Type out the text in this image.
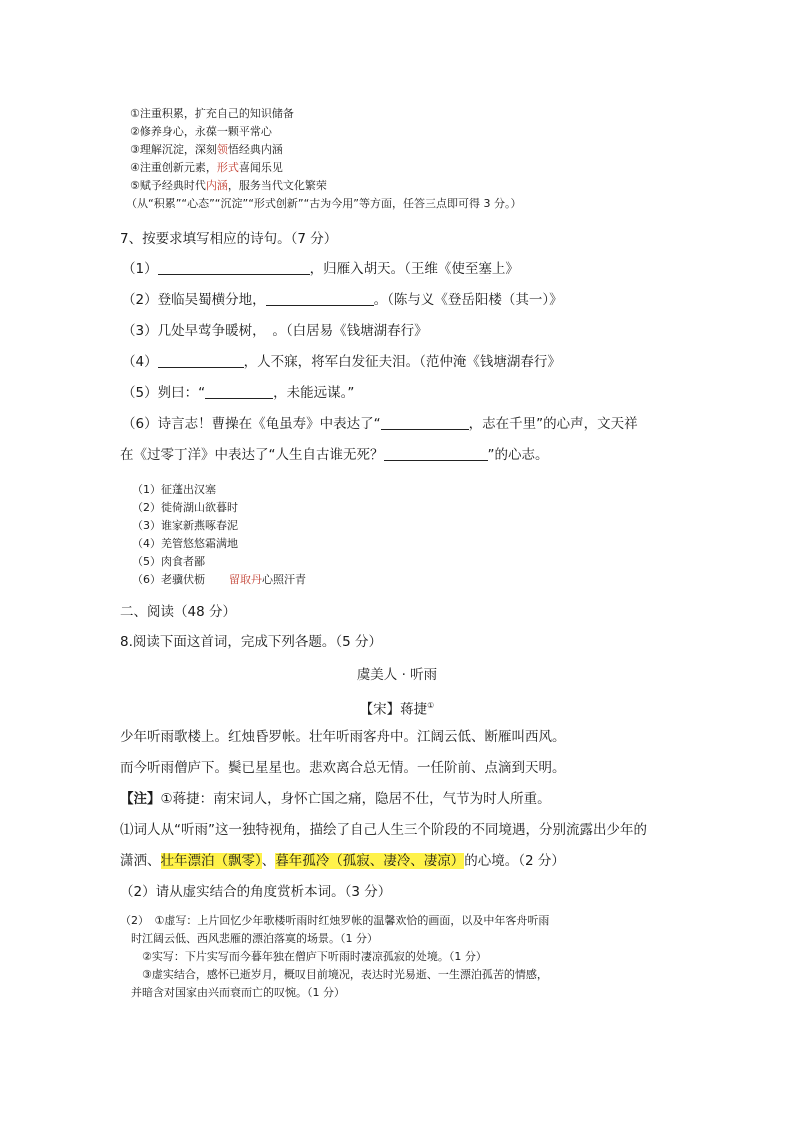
①注重积累，扩充自己的知识储备
②修养身心，永葆一颗平常心
③理解沉淀，深刻领悟经典内涵
④注重创新元素，形式喜闻乐见
⑤赋予经典时代内涵，服务当代文化繁荣
（从“积累”“心态”“沉淀”“形式创新”“古为今用”等方面，任答三点即可得 3 分。）
7、按要求填写相应的诗句。（7 分）
（1）	，归雁入胡天。（王维《使至塞上》
（2）登临吴蜀横分地，	。（陈与义《登岳阳楼（其一）》
（3）几处早莺争暖树，　。（白居易《钱塘湖春行》
（4）	，人不寐，将军白发征夫泪。（范仲淹《钱塘湖春行》
（5）刿曰：“	，未能远谋。”
（6）诗言志！曹操在《龟虽寿》中表达了“	，志在千里”的心声，文天祥
在《过零丁洋》中表达了“人生自古谁无死？	”的心志。
（1）征蓬出汉塞
（2）徙倚湖山欲暮时
（3）谁家新燕啄春泥
（4）羌管悠悠霜满地
（5）肉食者鄙
（6）老骥伏枥 留取丹心照汗青
二、阅读（48 分）
8.阅读下面这首词，完成下列各题。（5 分）
虞美人 · 听雨
【宋】蒋捷①
少年听雨歌楼上。红烛昏罗帐。壮年听雨客舟中。江阔云低、断雁叫西风。
而今听雨僧庐下。鬓已星星也。悲欢离合总无情。一任阶前、点滴到天明。
【注】①蒋捷：南宋词人，身怀亡国之痛，隐居不仕，气节为时人所重。
⑴词人从“听雨”这一独特视角，描绘了自己人生三个阶段的不同境遇，分别流露出少年的
潇洒、壮年漂泊（飘零）、暮年孤冷（孤寂、凄冷、凄凉）的心境。（2 分）
（2）请从虚实结合的角度赏析本词。（3 分）
（2）　①虚写：上片回忆少年歌楼听雨时红烛罗帐的温馨欢恰的画面，以及中年客舟听雨
　时江阔云低、西风悲雁的漂泊落寞的场景。（1 分）
　　②实写：下片实写而今暮年独在僧庐下听雨时凄凉孤寂的处境。（1 分）
　　③虚实结合，感怀已逝岁月，概叹目前境况，表达时光易逝、一生漂泊孤苦的情感，
　并暗含对国家由兴而衰而亡的叹惋。（1 分）
